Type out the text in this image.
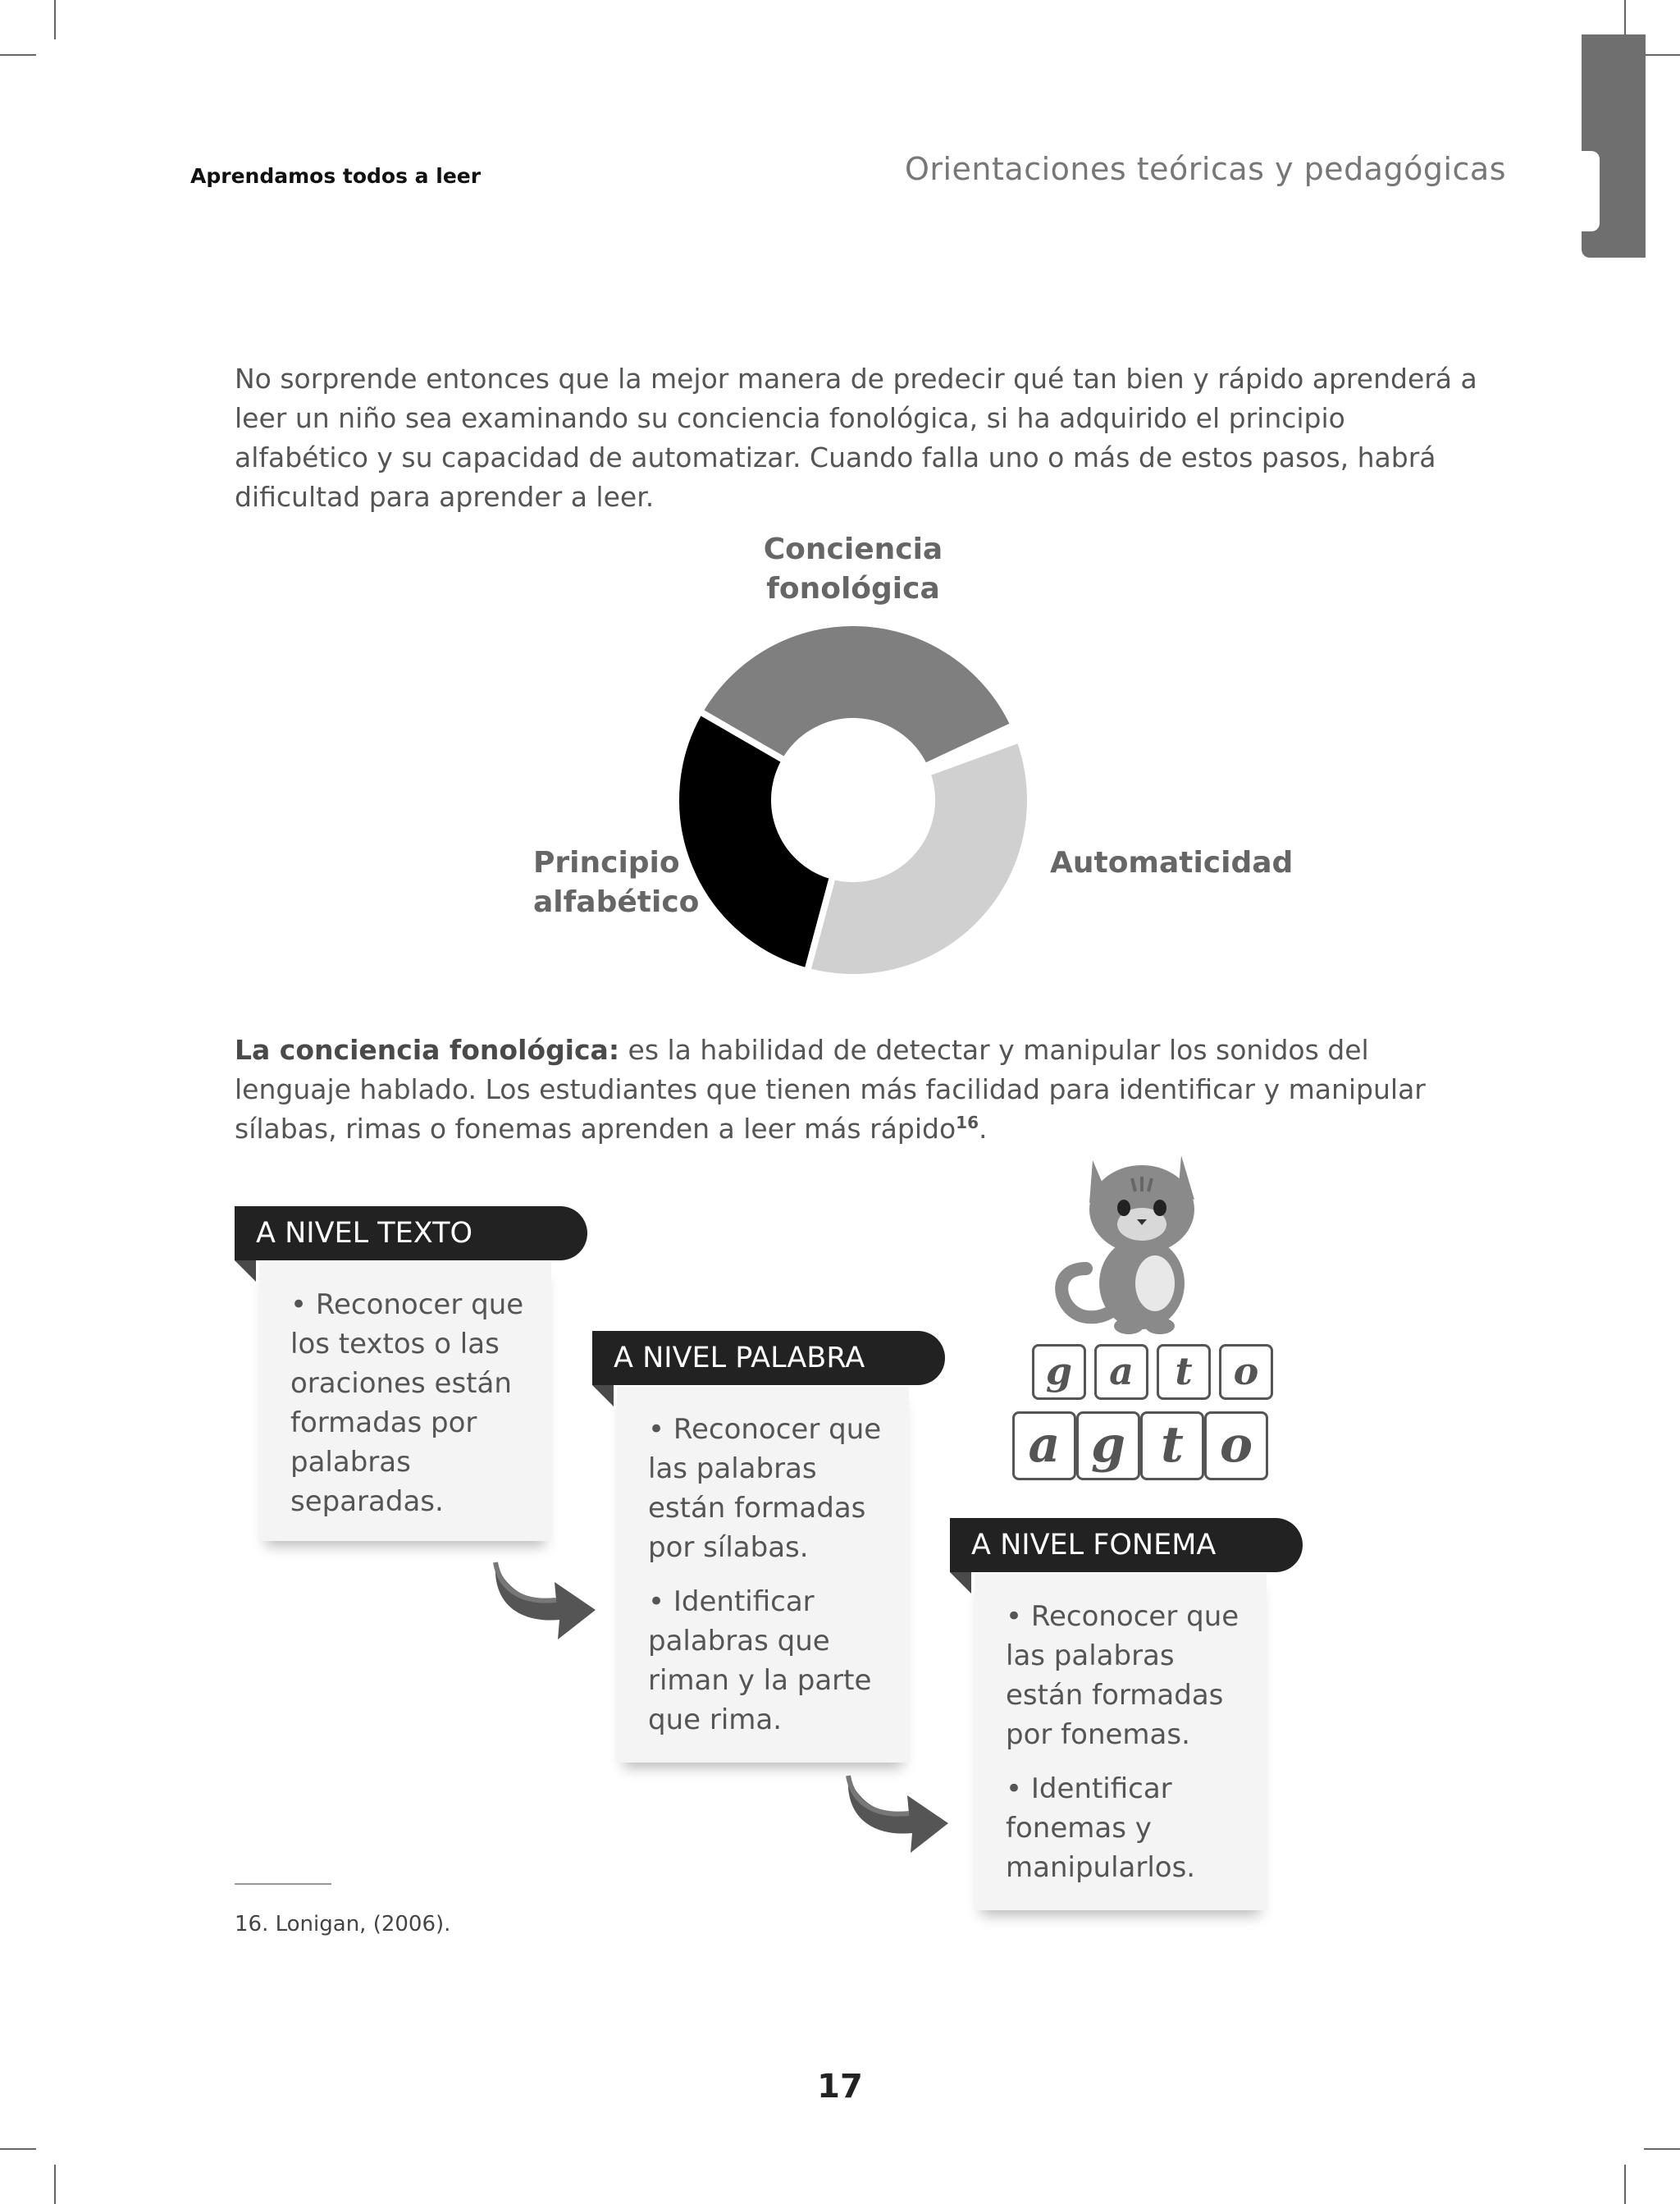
Aprendamos todos a leer	Orientaciones teóricas y pedagógicas
No sorprende entonces que la mejor manera de predecir qué tan bien y rápido aprenderá a leer un niño sea examinando su conciencia fonológica, si ha adquirido el principio alfabético y su capacidad de automatizar. Cuando falla uno o más de estos pasos, habrá dificultad para aprender a leer.
Conciencia fonológica
Principio alfabético
Automaticidad
La conciencia fonológica: es la habilidad de detectar y manipular los sonidos del lenguaje hablado. Los estudiantes que tienen más facilidad para identificar y manipular sílabas, rimas o fonemas aprenden a leer más rápido$^{16}$.

• Reconocer que los textos o las oraciones están formadas por palabras separadas.

A NIVEL TEXTO

• Reconocer que las palabras están formadas por sílabas.

• Identificar palabras que riman y la parte que rima.

A NIVEL PALABRA

• Reconocer que las palabras están formadas por fonemas.

• Identificar fonemas y manipularlos.

A NIVEL FONEMA
g a	t	o
a g t o
16. Lonigan, (2006).
17
